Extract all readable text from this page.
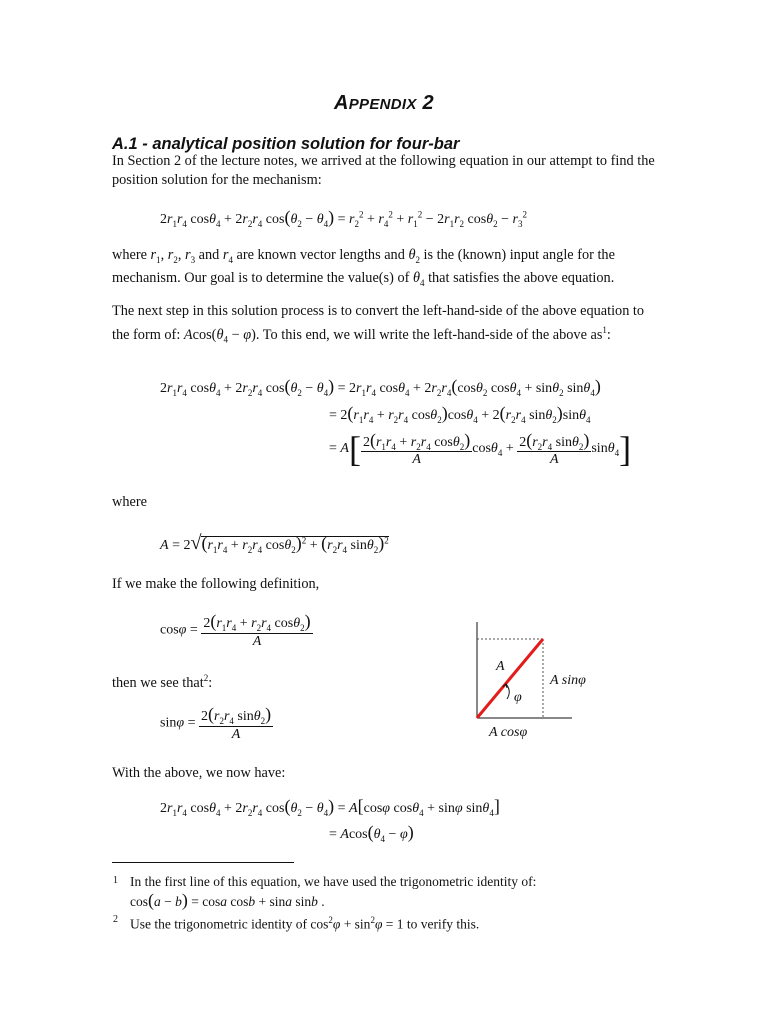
APPENDIX 2
A.1 - analytical position solution for four-bar
In Section 2 of the lecture notes, we arrived at the following equation in our attempt to find the position solution for the mechanism:
$2r_1r_4$ $\cos\theta_4 + 2r_2r_4$ $\cos(\theta_2 - \theta_4) = r_2^2 + r_4^2 + r_1^2 - 2r_1r_2$ $\cos\theta_2 - r_3^2$
where $r_1$, $r_2$, $r_3$ and $r_4$ are known vector lengths and $\theta_2$ is the (known) input angle for the mechanism. Our goal is to determine the value(s) of $\theta_4$ that satisfies the above equation.
The next step in this solution process is to convert the left-hand-side of the above equation to the form of: $Acos(\theta_4 - \varphi)$. To this end, we will write the left-hand-side of the above $as^1$:
$2r_1r_4$ $\cos\theta_4 + 2r_2r_4$ $\cos(\theta_2 - \theta_4) = 2r_1r_4$ $\cos\theta_4 + 2r_2r_4(\cos\theta_2$ cosθ$_4$ + sinθ$_2$ sinθ$_4$)
= $2(r_1r_4 + r_2r_4$ $\cos\theta_2)\cos\theta_4 + 2(r_2r_4$ sinθ$_2$)sinθ$_4$
= $A[ \frac{2(r_1r_4 + r_2r_4 \cos\theta_2)}{A} \cos\theta_4 + \frac{2(r_2r_4 \sin\theta_2)}{A} \sin\theta_4]$
where
$A = 2√(r_1r_4 + r_2r_4$ $\cos\theta_2)^2 + (r_2r_4$ sinθ$_2$)$^2$
If we make the following definition,
$\cos\varphi = \frac{2(r_1r_4 + r_2r_4 \cos\theta_2)}{A}$
then we see that$^2$:
$\sin\varphi = \frac{2(r_2r_4 \sin\theta_2)}{A}$
A
φ
A sinφ
A cosφ
With the above, we now have:
$2r_1r_4$ $\cos\theta_4 + 2r_2r_4$ $\cos(\theta_2 - \theta_4) = A[\cos\varphi$ cosθ$_4$ + sinφ sinθ$_4$]
= $Acos(\theta_4 - \varphi)$
1 In the first line of this equation, we have used the trigonometric identity of:
cos(a − b) = cosa cosb + sina sinb .
2 Use the trigonometric identity of $\cos^2\varphi + \sin^2\varphi = 1$ to verify this.
